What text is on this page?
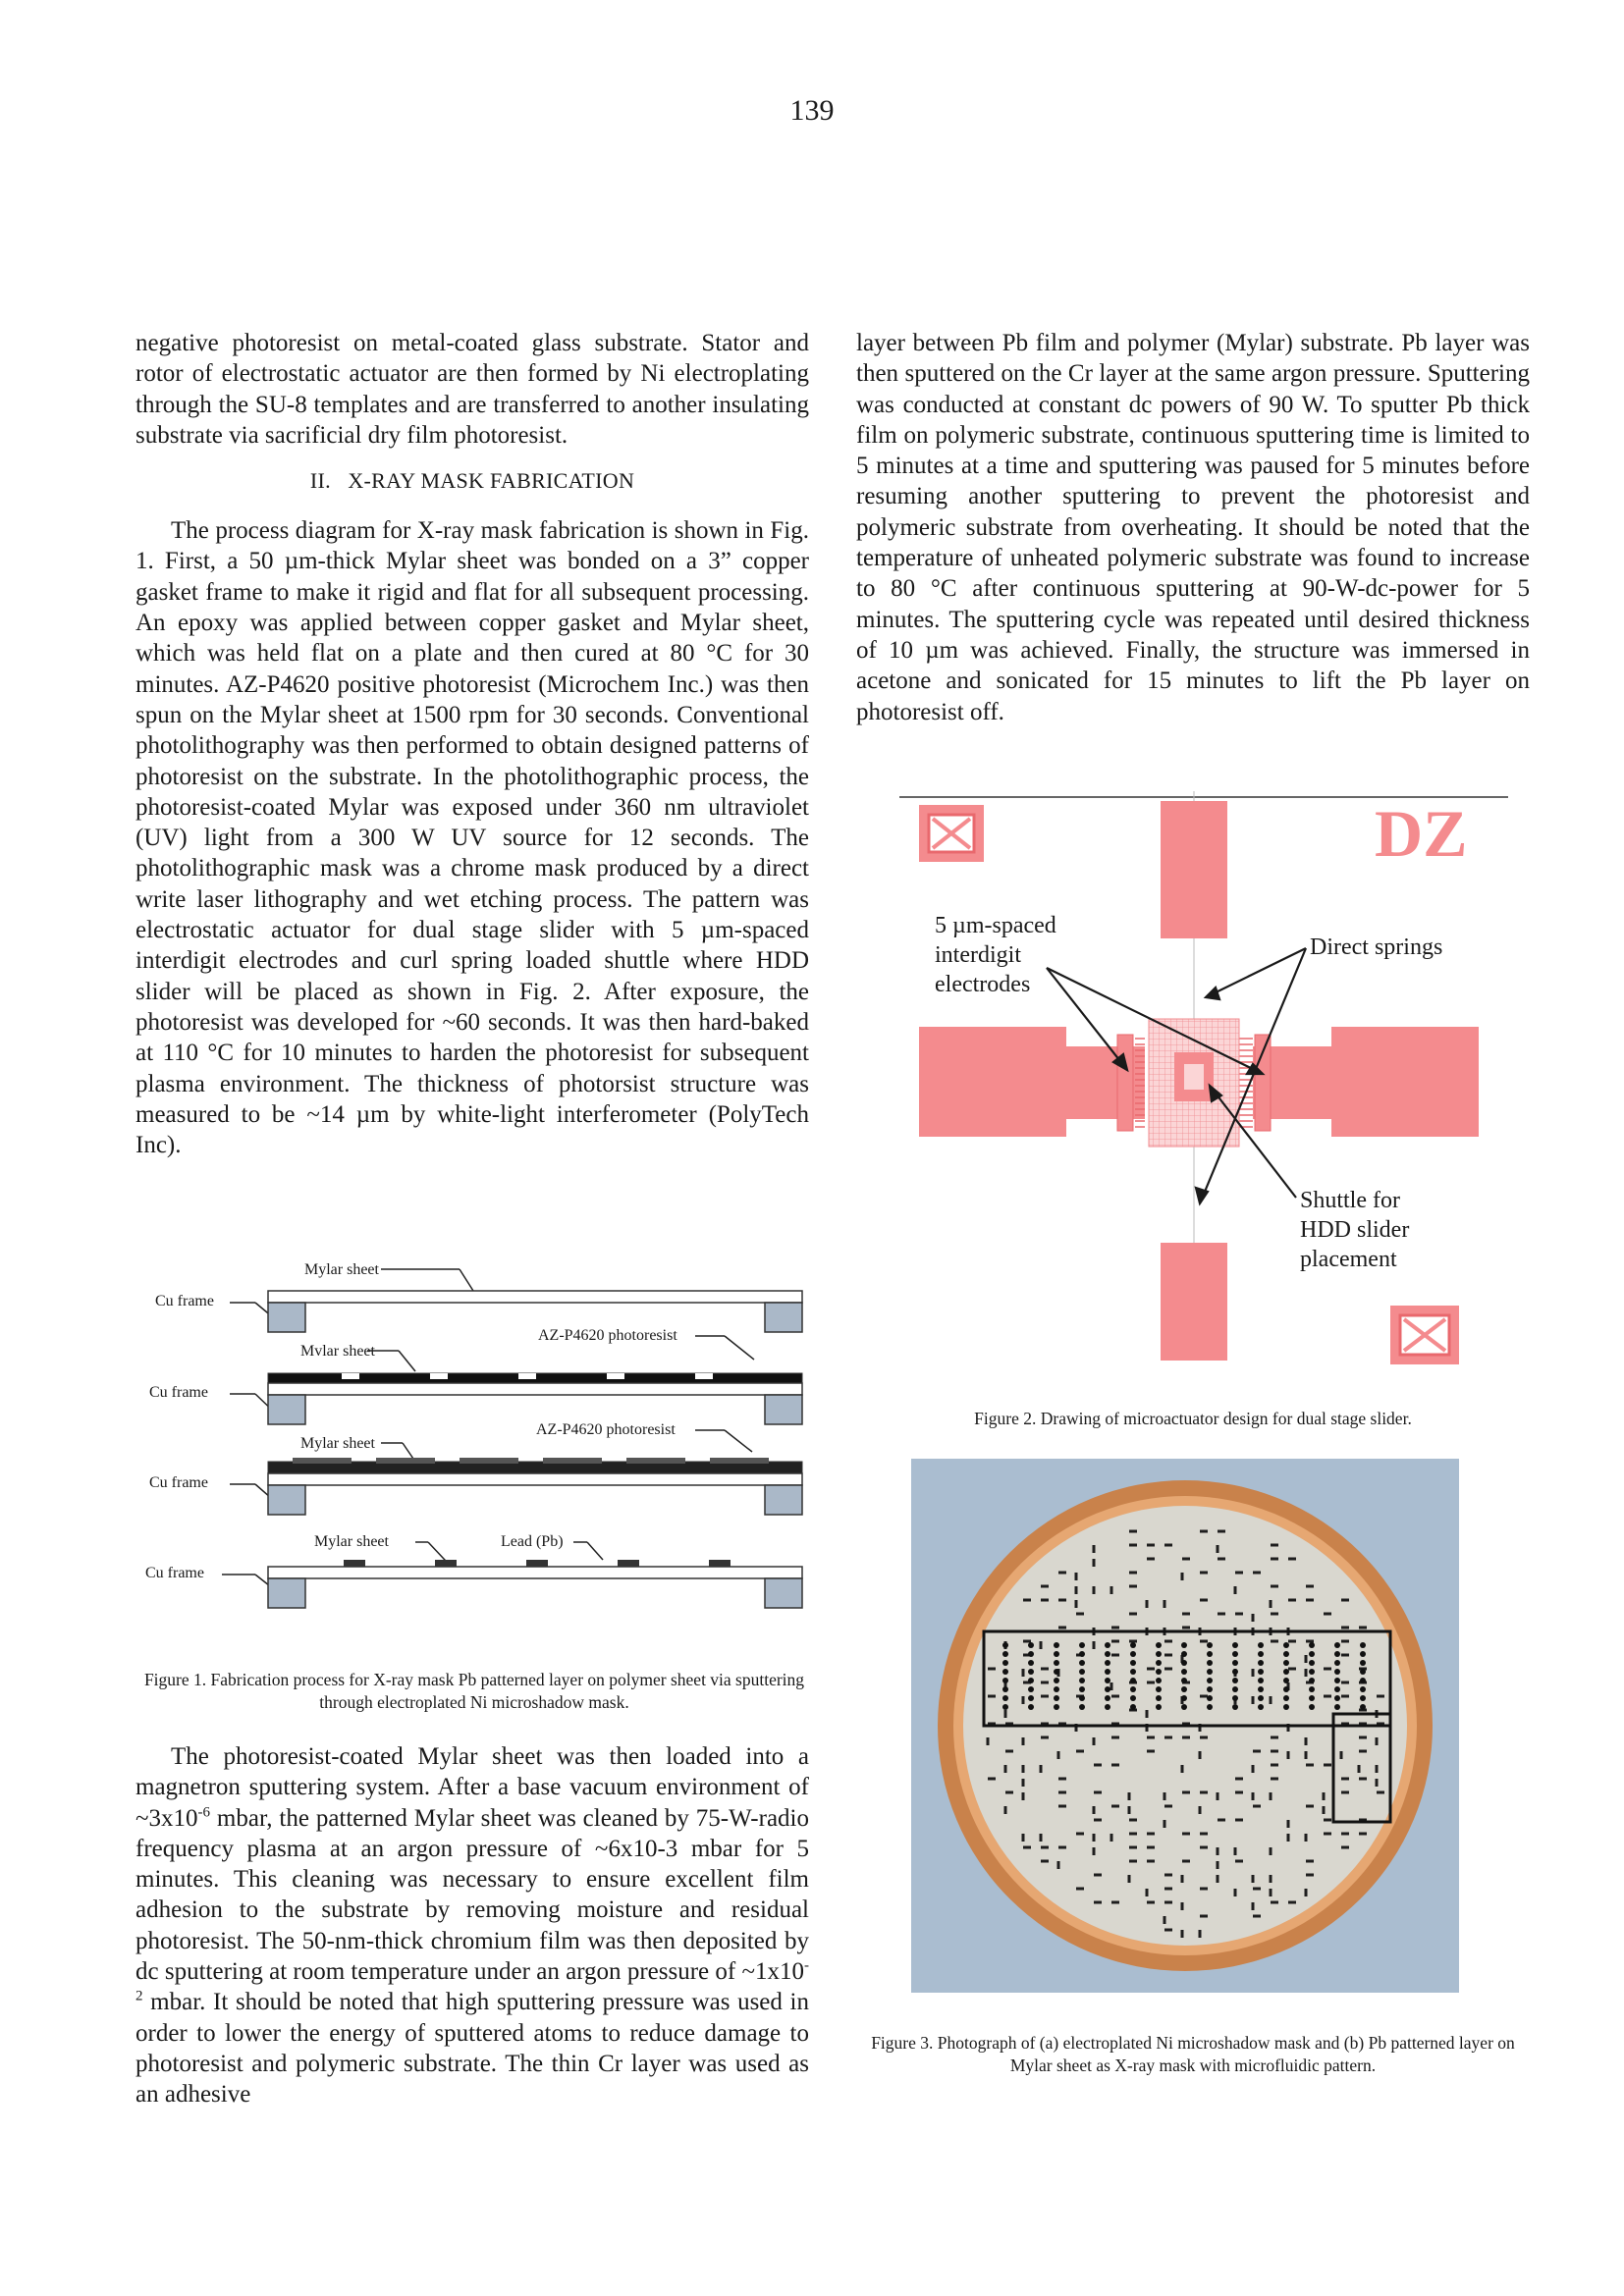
139

negative photoresist on metal-coated glass substrate. Stator and rotor of electrostatic actuator are then formed by Ni electroplating through the SU-8 templates and are transferred to another insulating substrate via sacrificial dry film photoresist.

II. X-RAY MASK FABRICATION

The process diagram for X-ray mask fabrication is shown in Fig. 1. First, a 50 µm-thick Mylar sheet was bonded on a 3” copper gasket frame to make it rigid and flat for all subsequent processing. An epoxy was applied between copper gasket and Mylar sheet, which was held flat on a plate and then cured at 80 °C for 30 minutes. AZ-P4620 positive photoresist (Microchem Inc.) was then spun on the Mylar sheet at 1500 rpm for 30 seconds. Conventional photolithography was then performed to obtain designed patterns of photoresist on the substrate. In the photolithographic process, the photoresist-coated Mylar was exposed under 360 nm ultraviolet (UV) light from a 300 W UV source for 12 seconds. The photolithographic mask was a chrome mask produced by a direct write laser lithography and wet etching process. The pattern was electrostatic actuator for dual stage slider with 5 µm-spaced interdigit electrodes and curl spring loaded shuttle where HDD slider will be placed as shown in Fig. 2. After exposure, the photoresist was developed for ~60 seconds. It was then hard-baked at 110 °C for 10 minutes to harden the photoresist for subsequent plasma environment. The thickness of photorsist structure was measured to be ~14 µm by white-light interferometer (PolyTech Inc).

Mylar sheet
Cu frame
AZ-P4620 photoresist
Mvlar sheet
Cu frame
AZ-P4620 photoresist
Mylar sheet
Cu frame
Mylar sheet	Lead (Pb)
Cu frame
Figure 1. Fabrication process for X-ray mask Pb patterned layer on polymer sheet via sputtering through electroplated Ni microshadow mask.

The photoresist-coated Mylar sheet was then loaded into a magnetron sputtering system. After a base vacuum environment of $\sim 3x10^{-6}$ mbar, the patterned Mylar sheet was cleaned by 75-W-radio frequency plasma at an argon pressure of ~6x10-3 mbar for 5 minutes. This cleaning was necessary to ensure excellent film adhesion to the substrate by removing moisture and residual photoresist. The 50-nm-thick chromium film was then deposited by dc sputtering at room temperature under an argon pressure of $\sim 1x10^{-2}$ mbar. It should be noted that high sputtering pressure was used in order to lower the energy of sputtered atoms to reduce damage to photoresist and polymeric substrate. The thin Cr layer was used as an adhesive

layer between Pb film and polymer (Mylar) substrate. Pb layer was then sputtered on the Cr layer at the same argon pressure. Sputtering was conducted at constant dc powers of 90 W. To sputter Pb thick film on polymeric substrate, continuous sputtering time is limited to 5 minutes at a time and sputtering was paused for 5 minutes before resuming another sputtering to prevent the photoresist and polymeric substrate from overheating. It should be noted that the temperature of unheated polymeric substrate was found to increase to 80 °C after continuous sputtering at 90-W-dc-power for 5 minutes. The sputtering cycle was repeated until desired thickness of 10 µm was achieved. Finally, the structure was immersed in acetone and sonicated for 15 minutes to lift the Pb layer on photoresist off.

DZ
5 µm-spaced
interdigit
electrodes
Direct springs
Shuttle for
HDD slider
placement
Figure 2. Drawing of microactuator design for dual stage slider.
Figure 3. Photograph of (a) electroplated Ni microshadow mask and (b) Pb patterned layer on Mylar sheet as X-ray mask with microfluidic pattern.
